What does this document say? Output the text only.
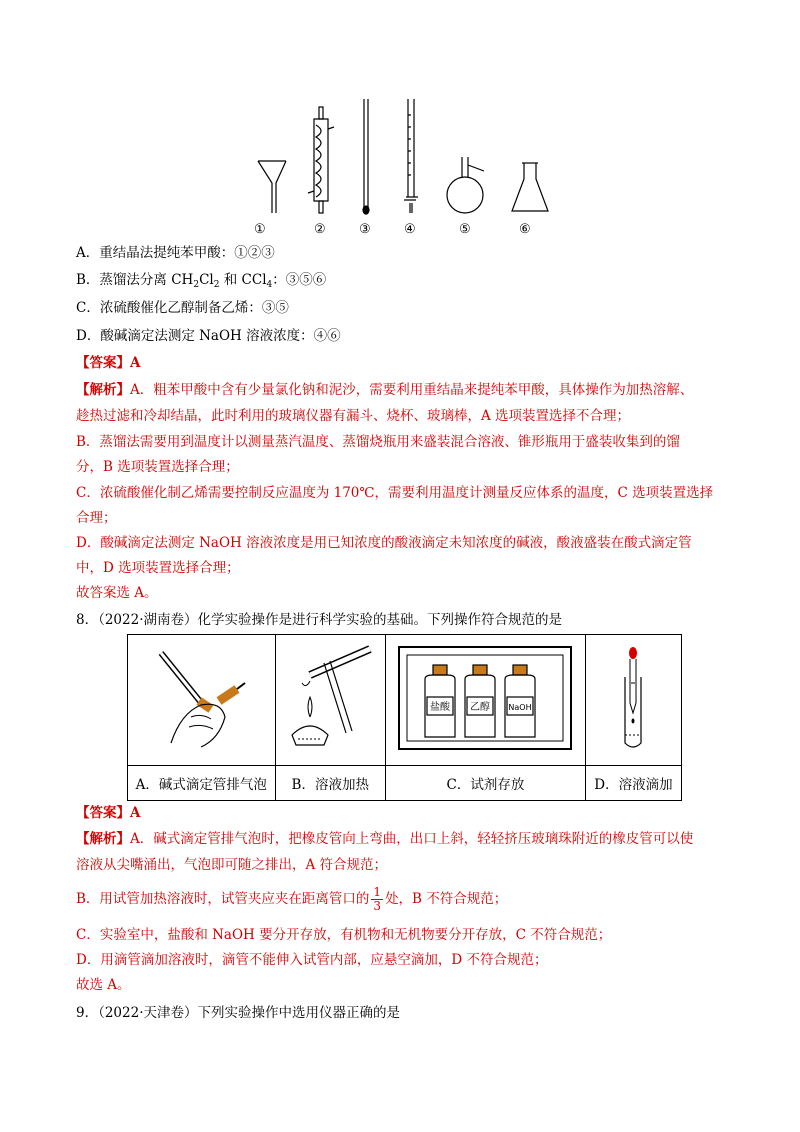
①	②	③	④	⑤	⑥
A．重结晶法提纯苯甲酸：①②③
B．蒸馏法分离 $CH_2Cl_2$ 和 CCl$_4$：③⑤⑥
C．浓硫酸催化乙醇制备乙烯：③⑤
D．酸碱滴定法测定 NaOH 溶液浓度：④⑥
【答案】A
【解析】A．粗苯甲酸中含有少量氯化钠和泥沙，需要利用重结晶来提纯苯甲酸，具体操作为加热溶解、
趁热过滤和冷却结晶，此时利用的玻璃仪器有漏斗、烧杯、玻璃棒，A 选项装置选择不合理；
B．蒸馏法需要用到温度计以测量蒸汽温度、蒸馏烧瓶用来盛装混合溶液、锥形瓶用于盛装收集到的馏
分，B 选项装置选择合理；
C．浓硫酸催化制乙烯需要控制反应温度为 170℃，需要利用温度计测量反应体系的温度，C 选项装置选择
合理；
D．酸碱滴定法测定 NaOH 溶液浓度是用已知浓度的酸液滴定未知浓度的碱液，酸液盛装在酸式滴定管
中，D 选项装置选择合理；
故答案选 A。
8．（2022·湖南卷）化学实验操作是进行科学实验的基础。下列操作符合规范的是

盐酸 乙醇 NaOH

A．碱式滴定管排气泡	B．溶液加热	C．试剂存放	D．溶液滴加
【答案】A
【解析】A．碱式滴定管排气泡时，把橡皮管向上弯曲，出口上斜，轻轻挤压玻璃珠附近的橡皮管可以使
溶液从尖嘴涌出，气泡即可随之排出，A 符合规范；
B．用试管加热溶液时，试管夹应夹在距离管口的 $\frac{1}{3}$ 处，B 不符合规范；
C．实验室中，盐酸和 NaOH 要分开存放，有机物和无机物要分开存放，C 不符合规范；
D．用滴管滴加溶液时，滴管不能伸入试管内部，应悬空滴加，D 不符合规范；
故选 A。
9．（2022·天津卷）下列实验操作中选用仪器正确的是
